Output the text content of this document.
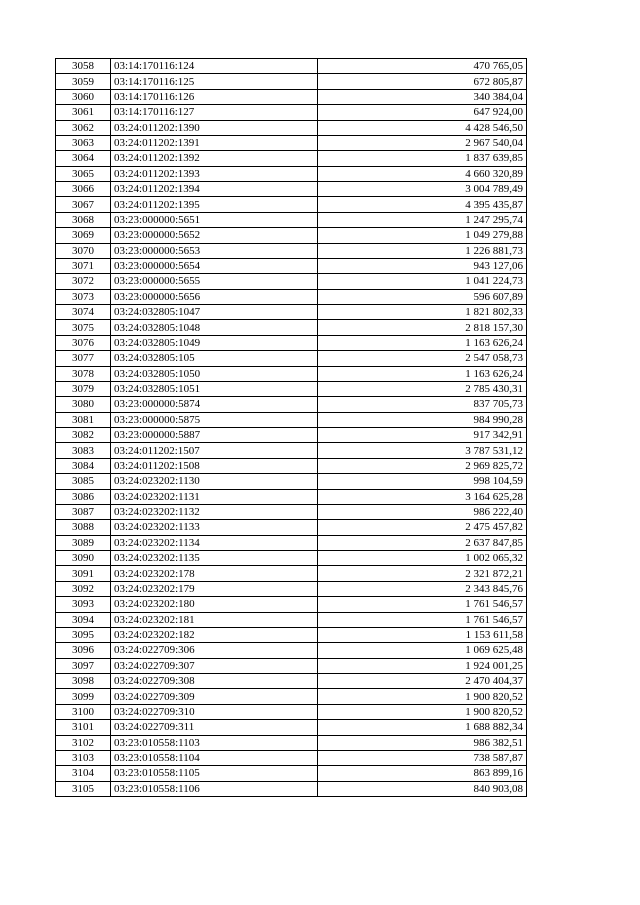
3058	03:14:170116:124	470 765,05
3059	03:14:170116:125	672 805,87
3060	03:14:170116:126	340 384,04
3061	03:14:170116:127	647 924,00
3062	03:24:011202:1390	4 428 546,50
3063	03:24:011202:1391	2 967 540,04
3064	03:24:011202:1392	1 837 639,85
3065	03:24:011202:1393	4 660 320,89
3066	03:24:011202:1394	3 004 789,49
3067	03:24:011202:1395	4 395 435,87
3068	03:23:000000:5651	1 247 295,74
3069	03:23:000000:5652	1 049 279,88
3070	03:23:000000:5653	1 226 881,73
3071	03:23:000000:5654	943 127,06
3072	03:23:000000:5655	1 041 224,73
3073	03:23:000000:5656	596 607,89
3074	03:24:032805:1047	1 821 802,33
3075	03:24:032805:1048	2 818 157,30
3076	03:24:032805:1049	1 163 626,24
3077	03:24:032805:105	2 547 058,73
3078	03:24:032805:1050	1 163 626,24
3079	03:24:032805:1051	2 785 430,31
3080	03:23:000000:5874	837 705,73
3081	03:23:000000:5875	984 990,28
3082	03:23:000000:5887	917 342,91
3083	03:24:011202:1507	3 787 531,12
3084	03:24:011202:1508	2 969 825,72
3085	03:24:023202:1130	998 104,59
3086	03:24:023202:1131	3 164 625,28
3087	03:24:023202:1132	986 222,40
3088	03:24:023202:1133	2 475 457,82
3089	03:24:023202:1134	2 637 847,85
3090	03:24:023202:1135	1 002 065,32
3091	03:24:023202:178	2 321 872,21
3092	03:24:023202:179	2 343 845,76
3093	03:24:023202:180	1 761 546,57
3094	03:24:023202:181	1 761 546,57
3095	03:24:023202:182	1 153 611,58
3096	03:24:022709:306	1 069 625,48
3097	03:24:022709:307	1 924 001,25
3098	03:24:022709:308	2 470 404,37
3099	03:24:022709:309	1 900 820,52
3100	03:24:022709:310	1 900 820,52
3101	03:24:022709:311	1 688 882,34
3102	03:23:010558:1103	986 382,51
3103	03:23:010558:1104	738 587,87
3104	03:23:010558:1105	863 899,16
3105	03:23:010558:1106	840 903,08
